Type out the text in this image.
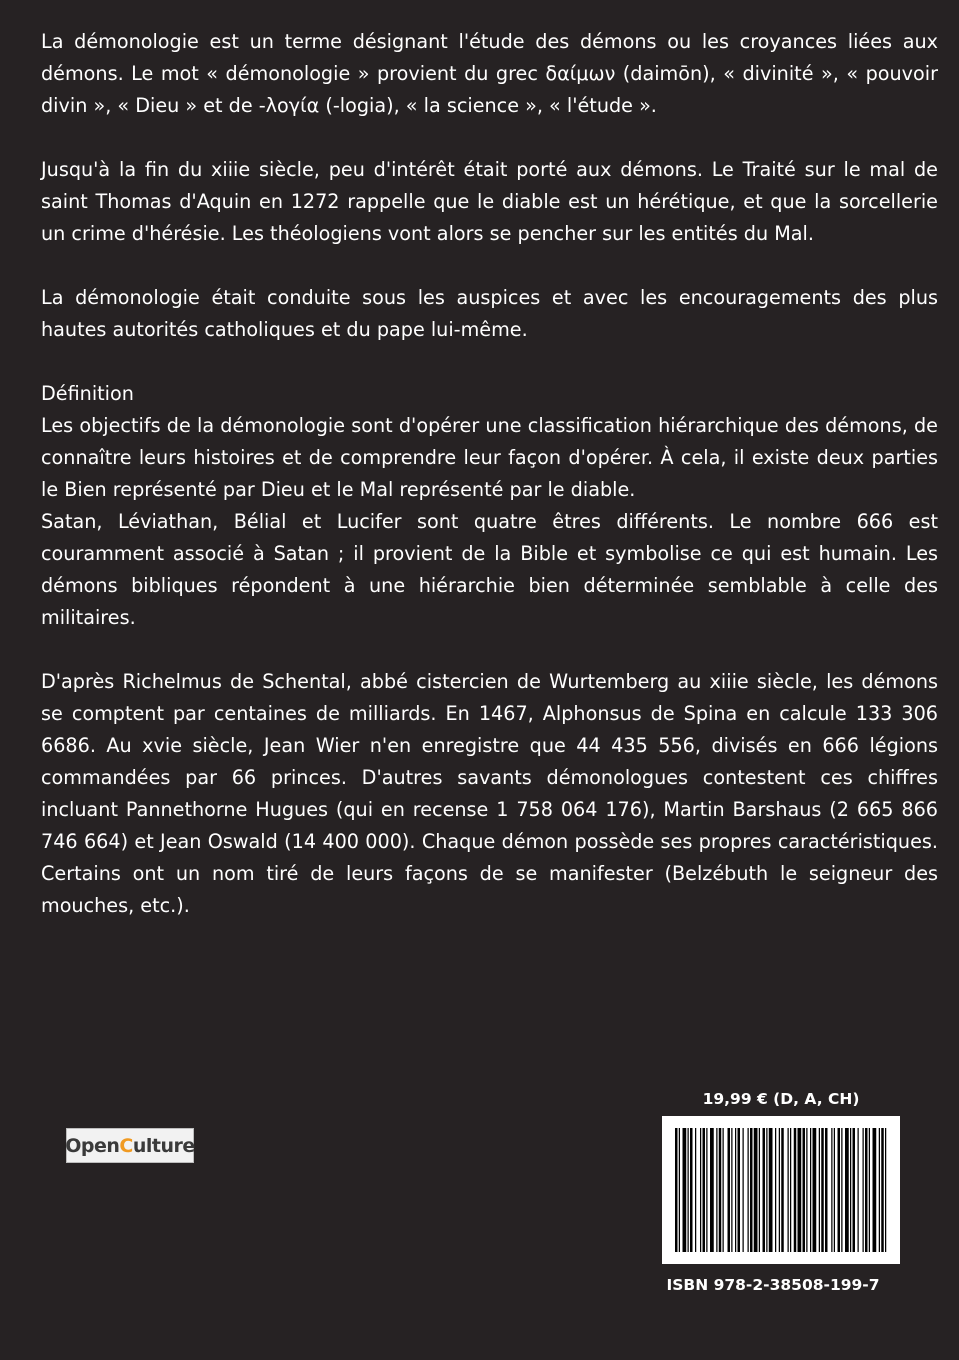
La démonologie est un terme désignant l'étude des démons ou les croyances liées aux démons. Le mot « démonologie » provient du grec δαίμων (daimōn), « divinité », « pouvoir divin », « Dieu » et de -λογία (-logia), « la science », « l'étude ».

Jusqu'à la fin du xiiie siècle, peu d'intérêt était porté aux démons. Le Traité sur le mal de saint Thomas d'Aquin en 1272 rappelle que le diable est un hérétique, et que la sorcellerie un crime d'hérésie. Les théologiens vont alors se pencher sur les entités du Mal.

La démonologie était conduite sous les auspices et avec les encouragements des plus hautes autorités catholiques et du pape lui-même.

Définition

Les objectifs de la démonologie sont d'opérer une classification hiérarchique des démons, de connaître leurs histoires et de comprendre leur façon d'opérer. À cela, il existe deux parties le Bien représenté par Dieu et le Mal représenté par le diable.

Satan, Léviathan, Bélial et Lucifer sont quatre êtres différents. Le nombre 666 est couramment associé à Satan ; il provient de la Bible et symbolise ce qui est humain. Les démons bibliques répondent à une hiérarchie bien déterminée semblable à celle des militaires.

D'après Richelmus de Schental, abbé cistercien de Wurtemberg au xiiie siècle, les démons se comptent par centaines de milliards. En 1467, Alphonsus de Spina en calcule 133 306 6686. Au xvie siècle, Jean Wier n'en enregistre que 44 435 556, divisés en 666 légions commandées par 66 princes. D'autres savants démonologues contestent ces chiffres incluant Pannethorne Hugues (qui en recense 1 758 064 176), Martin Barshaus (2 665 866 746 664) et Jean Oswald (14 400 000). Chaque démon possède ses propres caractéristiques. Certains ont un nom tiré de leurs façons de se manifester (Belzébuth le seigneur des mouches, etc.).

Open C ulture
19,99 € (D, A, CH)
ISBN 978-2-38508-199-7
